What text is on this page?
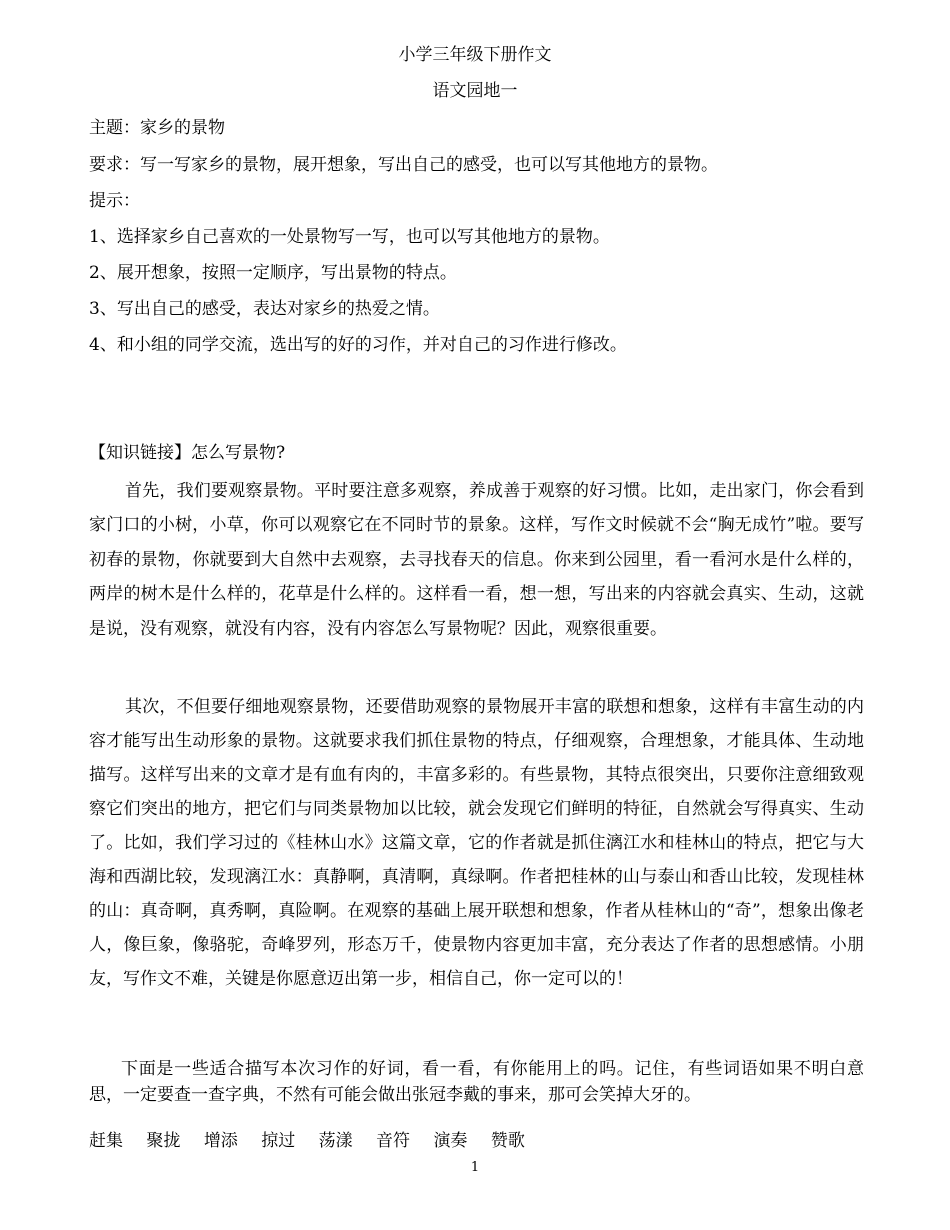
小学三年级下册作文
语文园地一
主题：家乡的景物
要求：写一写家乡的景物，展开想象，写出自己的感受，也可以写其他地方的景物。
提示：
1、选择家乡自己喜欢的一处景物写一写，也可以写其他地方的景物。
2、展开想象，按照一定顺序，写出景物的特点。
3、写出自己的感受，表达对家乡的热爱之情。
4、和小组的同学交流，选出写的好的习作，并对自己的习作进行修改。
【知识链接】怎么写景物?

首先，我们要观察景物。平时要注意多观察，养成善于观察的好习惯。比如，走出家门，你会看到家门口的小树，小草，你可以观察它在不同时节的景象。这样，写作文时候就不会“胸无成竹”啦。要写初春的景物，你就要到大自然中去观察，去寻找春天的信息。你来到公园里，看一看河水是什么样的，两岸的树木是什么样的，花草是什么样的。这样看一看，想一想，写出来的内容就会真实、生动，这就是说，没有观察，就没有内容，没有内容怎么写景物呢？因此，观察很重要。

其次，不但要仔细地观察景物，还要借助观察的景物展开丰富的联想和想象，这样有丰富生动的内容才能写出生动形象的景物。这就要求我们抓住景物的特点，仔细观察，合理想象，才能具体、生动地描写。这样写出来的文章才是有血有肉的，丰富多彩的。有些景物，其特点很突出，只要你注意细致观察它们突出的地方，把它们与同类景物加以比较，就会发现它们鲜明的特征，自然就会写得真实、生动了。比如，我们学习过的《桂林山水》这篇文章，它的作者就是抓住漓江水和桂林山的特点，把它与大海和西湖比较，发现漓江水：真静啊，真清啊，真绿啊。作者把桂林的山与泰山和香山比较，发现桂林的山：真奇啊，真秀啊，真险啊。在观察的基础上展开联想和想象，作者从桂林山的“奇”，想象出像老人，像巨象，像骆驼，奇峰罗列，形态万千，使景物内容更加丰富，充分表达了作者的思想感情。小朋友，写作文不难，关键是你愿意迈出第一步，相信自己，你一定可以的！

下面是一些适合描写本次习作的好词，看一看，有你能用上的吗。记住，有些词语如果不明白意思，一定要查一查字典，不然有可能会做出张冠李戴的事来，那可会笑掉大牙的。

赶集 聚拢 增添 掠过 荡漾 音符 演奏 赞歌
1
